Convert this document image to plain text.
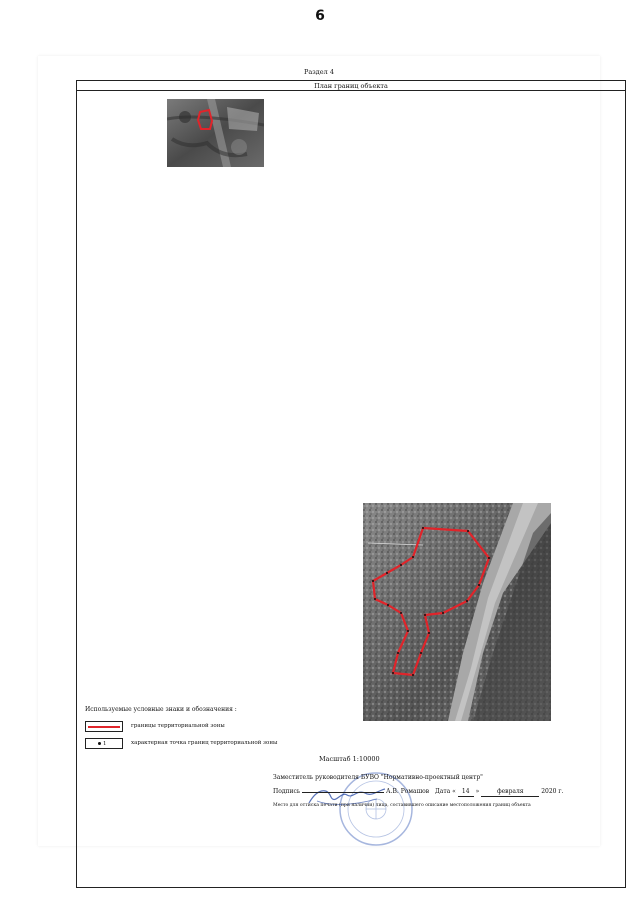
6
Раздел 4
План границ объекта
Используемые условные знаки и обозначения :
границы территориальной зоны
1	характерная точка границ территориальной зоны
Масштаб 1:10000
Заместитель руководителя БУВО "Нормативно-проектный центр"
Подпись	А.В. Ромашов Дата « 14 »	февраля	2020 г.
Место для оттиска печати (при наличии) лица, составившего описание местоположения границ объекта
